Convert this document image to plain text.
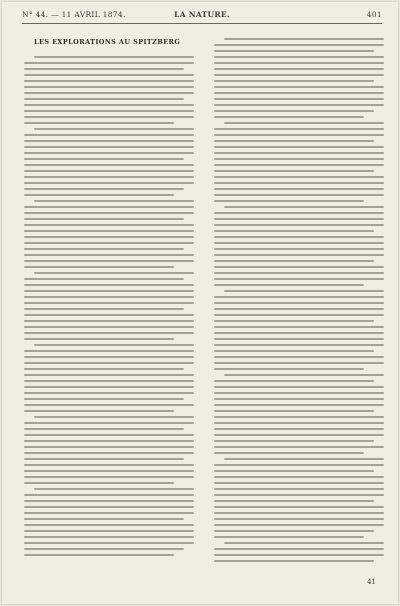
N° 44. — 11 AVRIL 1874.	LA NATURE.	401
LES EXPLORATIONS AU SPITZBERG
41
